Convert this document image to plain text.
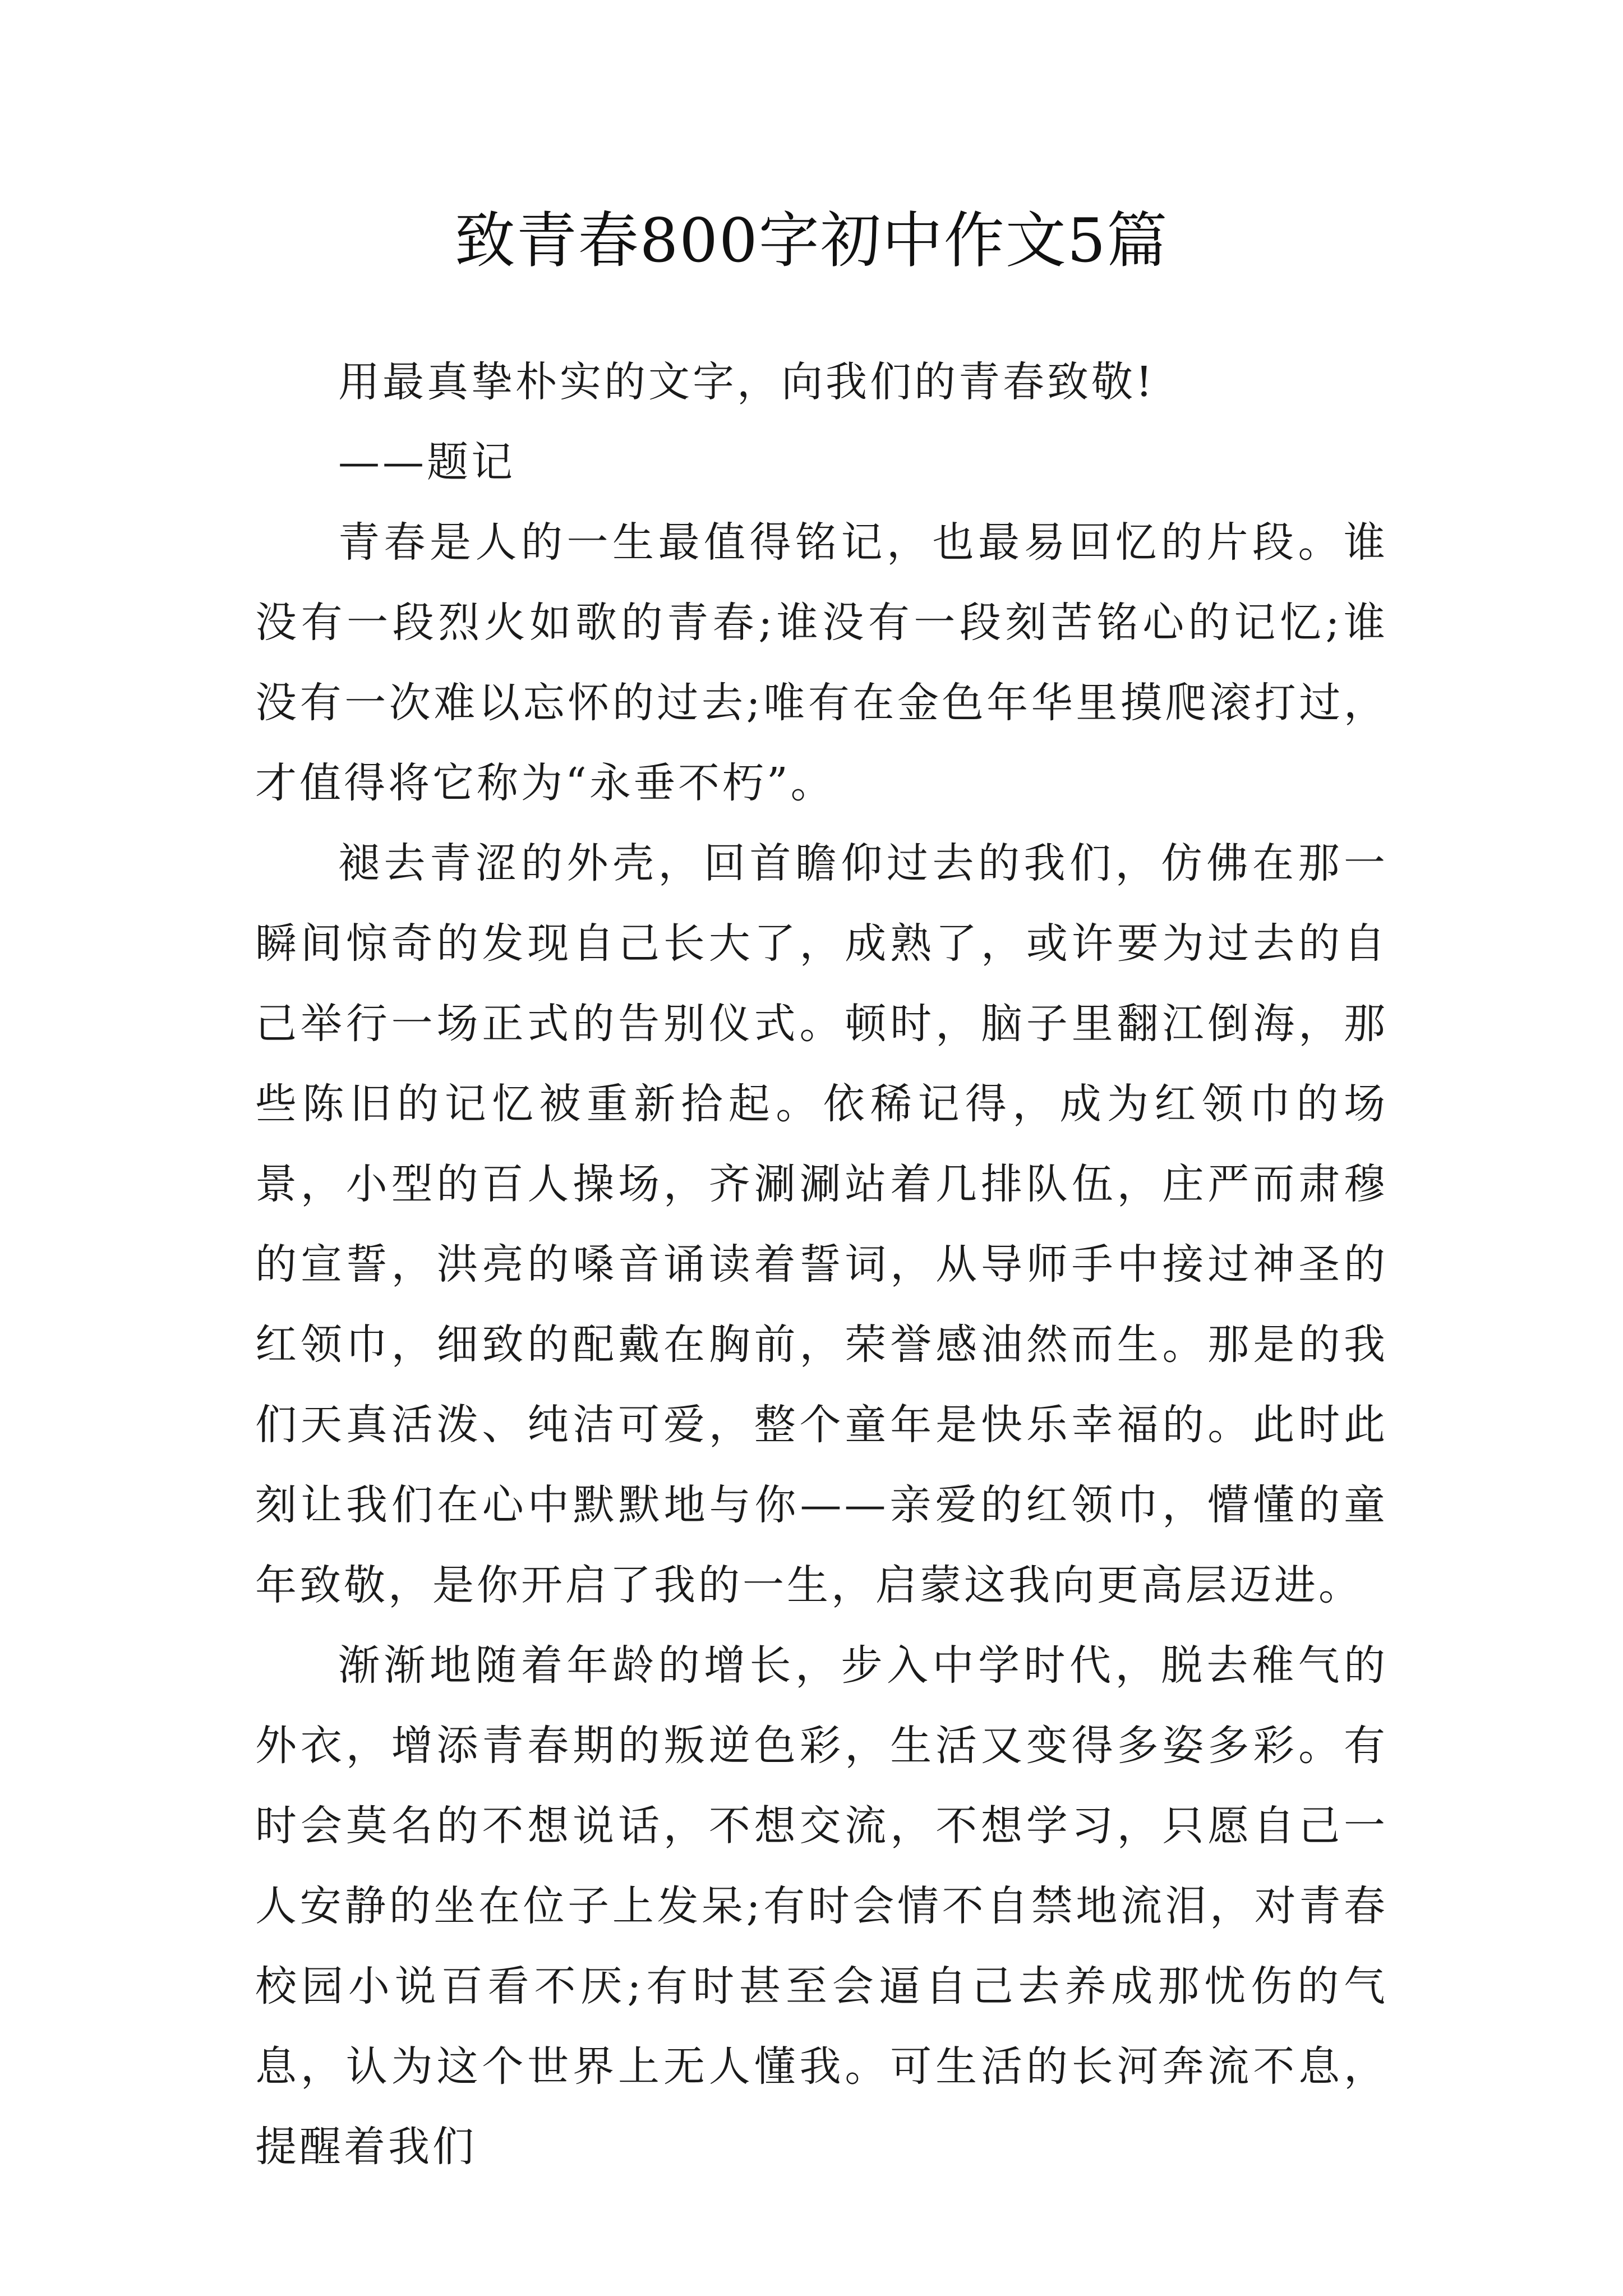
致青春800字初中作文5篇

用最真挚朴实的文字，向我们的青春致敬!

——题记

青春是人的一生最值得铭记，也最易回忆的片段。谁没有一段烈火如歌的青春;谁没有一段刻苦铭心的记忆;谁没有一次难以忘怀的过去;唯有在金色年华里摸爬滚打过，才值得将它称为“永垂不朽”。

褪去青涩的外壳，回首瞻仰过去的我们，仿佛在那一瞬间惊奇的发现自己长大了，成熟了，或许要为过去的自己举行一场正式的告别仪式。顿时，脑子里翻江倒海，那些陈旧的记忆被重新拾起。依稀记得，成为红领巾的场景，小型的百人操场，齐涮涮站着几排队伍，庄严而肃穆的宣誓，洪亮的嗓音诵读着誓词，从导师手中接过神圣的红领巾，细致的配戴在胸前，荣誉感油然而生。那是的我们天真活泼、纯洁可爱，整个童年是快乐幸福的。此时此刻让我们在心中默默地与你——亲爱的红领巾，懵懂的童年致敬，是你开启了我的一生，启蒙这我向更高层迈进。

渐渐地随着年龄的增长，步入中学时代，脱去稚气的外衣，增添青春期的叛逆色彩，生活又变得多姿多彩。有时会莫名的不想说话，不想交流，不想学习，只愿自己一人安静的坐在位子上发呆;有时会情不自禁地流泪，对青春校园小说百看不厌;有时甚至会逼自己去养成那忧伤的气息，认为这个世界上无人懂我。可生活的长河奔流不息，提醒着我们
